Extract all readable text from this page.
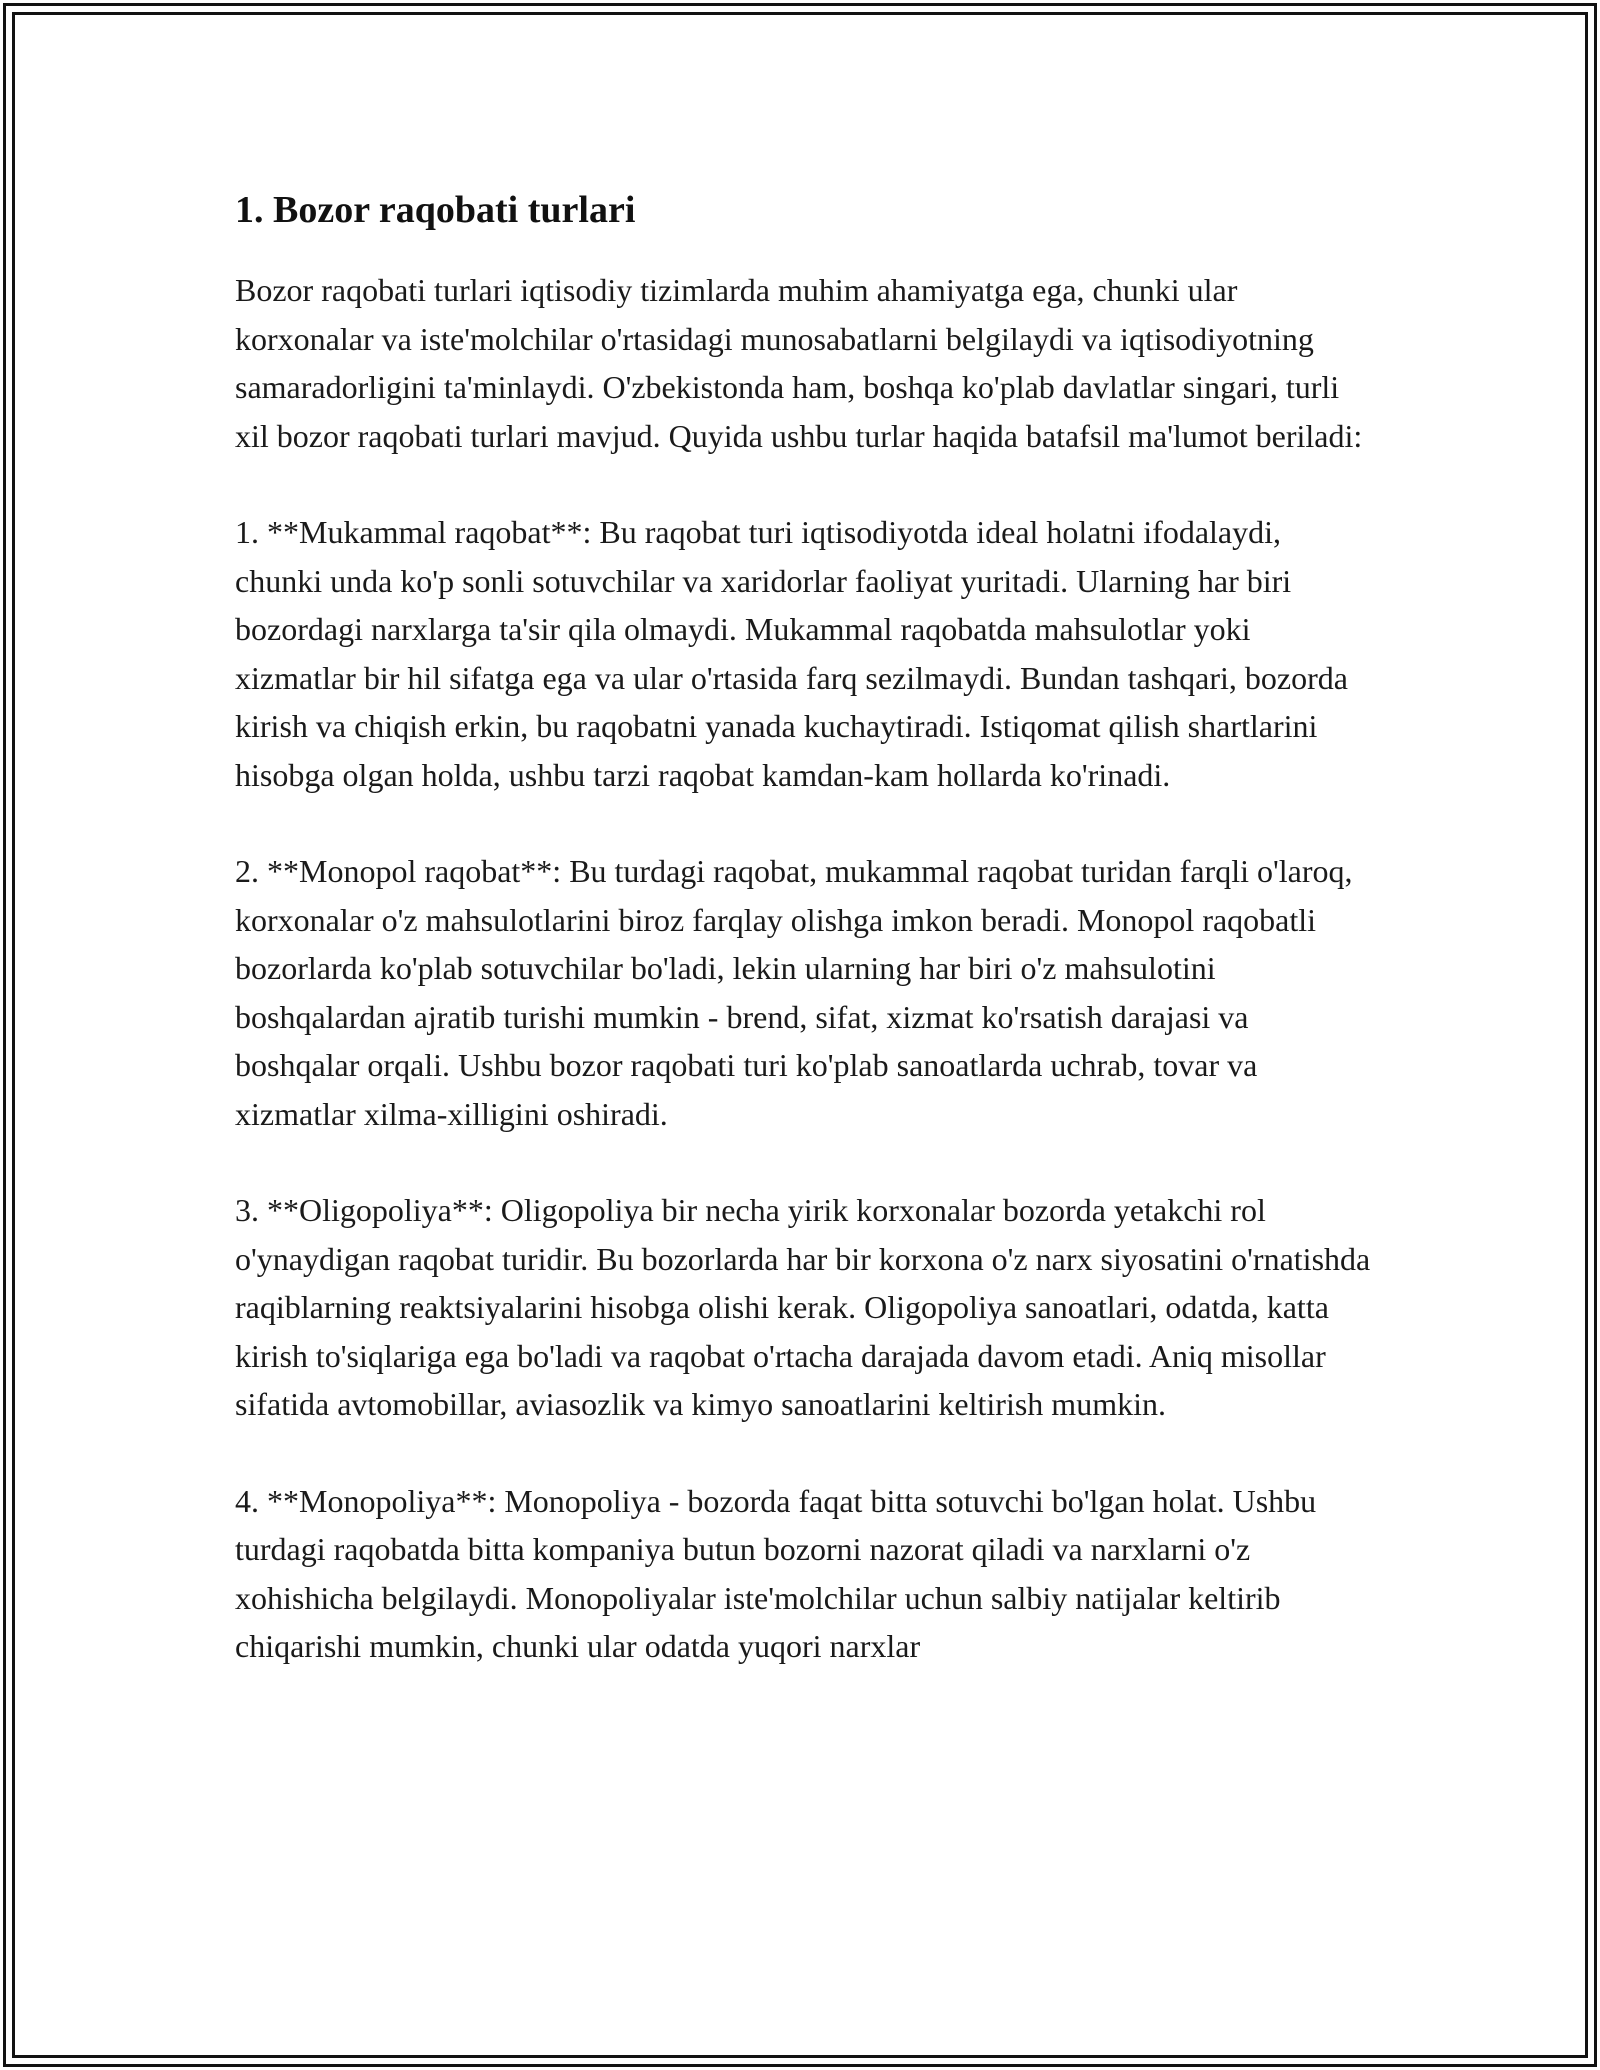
1. Bozor raqobati turlari

Bozor raqobati turlari iqtisodiy tizimlarda muhim ahamiyatga ega, chunki ular korxonalar va iste'molchilar o'rtasidagi munosabatlarni belgilaydi va iqtisodiyotning samaradorligini ta'minlaydi. O'zbekistonda ham, boshqa ko'plab davlatlar singari, turli xil bozor raqobati turlari mavjud. Quyida ushbu turlar haqida batafsil ma'lumot beriladi:

1. **Mukammal raqobat**: Bu raqobat turi iqtisodiyotda ideal holatni ifodalaydi, chunki unda ko'p sonli sotuvchilar va xaridorlar faoliyat yuritadi. Ularning har biri bozordagi narxlarga ta'sir qila olmaydi. Mukammal raqobatda mahsulotlar yoki xizmatlar bir hil sifatga ega va ular o'rtasida farq sezilmaydi. Bundan tashqari, bozorda kirish va chiqish erkin, bu raqobatni yanada kuchaytiradi. Istiqomat qilish shartlarini hisobga olgan holda, ushbu tarzi raqobat kamdan-kam hollarda ko'rinadi.

2. **Monopol raqobat**: Bu turdagi raqobat, mukammal raqobat turidan farqli o'laroq, korxonalar o'z mahsulotlarini biroz farqlay olishga imkon beradi. Monopol raqobatli bozorlarda ko'plab sotuvchilar bo'ladi, lekin ularning har biri o'z mahsulotini boshqalardan ajratib turishi mumkin - brend, sifat, xizmat ko'rsatish darajasi va boshqalar orqali. Ushbu bozor raqobati turi ko'plab sanoatlarda uchrab, tovar va xizmatlar xilma-xilligini oshiradi.

3. **Oligopoliya**: Oligopoliya bir necha yirik korxonalar bozorda yetakchi rol o'ynaydigan raqobat turidir. Bu bozorlarda har bir korxona o'z narx siyosatini o'rnatishda raqiblarning reaktsiyalarini hisobga olishi kerak. Oligopoliya sanoatlari, odatda, katta kirish to'siqlariga ega bo'ladi va raqobat o'rtacha darajada davom etadi. Aniq misollar sifatida avtomobillar, aviasozlik va kimyo sanoatlarini keltirish mumkin.

4. **Monopoliya**: Monopoliya - bozorda faqat bitta sotuvchi bo'lgan holat. Ushbu turdagi raqobatda bitta kompaniya butun bozorni nazorat qiladi va narxlarni o'z xohishicha belgilaydi. Monopoliyalar iste'molchilar uchun salbiy natijalar keltirib chiqarishi mumkin, chunki ular odatda yuqori narxlar
